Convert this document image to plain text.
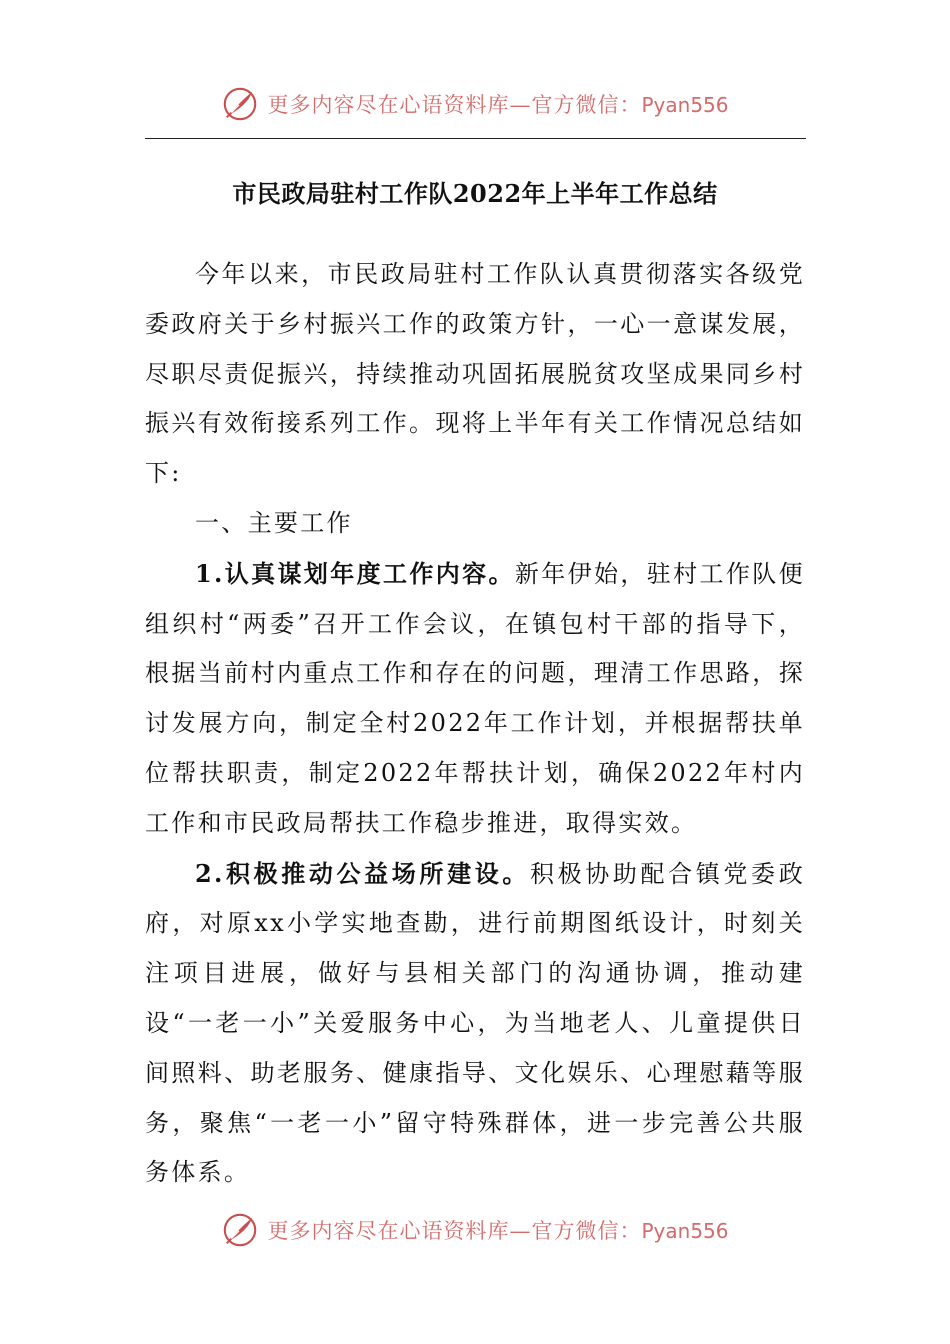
更多内容尽在心语资料库—官方微信：Pyan556
市民政局驻村工作队2022年上半年工作总结

今年以来，市民政局驻村工作队认真贯彻落实各级党委政府关于乡村振兴工作的政策方针，一心一意谋发展，尽职尽责促振兴，持续推动巩固拓展脱贫攻坚成果同乡村振兴有效衔接系列工作。现将上半年有关工作情况总结如下:

一、主要工作

1.认真谋划年度工作内容。新年伊始，驻村工作队便组织村“两委”召开工作会议，在镇包村干部的指导下，根据当前村内重点工作和存在的问题，理清工作思路，探讨发展方向，制定全村2022年工作计划，并根据帮扶单位帮扶职责，制定2022年帮扶计划，确保2022年村内工作和市民政局帮扶工作稳步推进，取得实效。

2.积极推动公益场所建设。积极协助配合镇党委政府，对原xx小学实地查勘，进行前期图纸设计，时刻关注项目进展，做好与县相关部门的沟通协调，推动建设“一老一小”关爱服务中心，为当地老人、儿童提供日间照料、助老服务、健康指导、文化娱乐、心理慰藉等服务，聚焦“一老一小”留守特殊群体，进一步完善公共服务体系。

更多内容尽在心语资料库—官方微信：Pyan556
